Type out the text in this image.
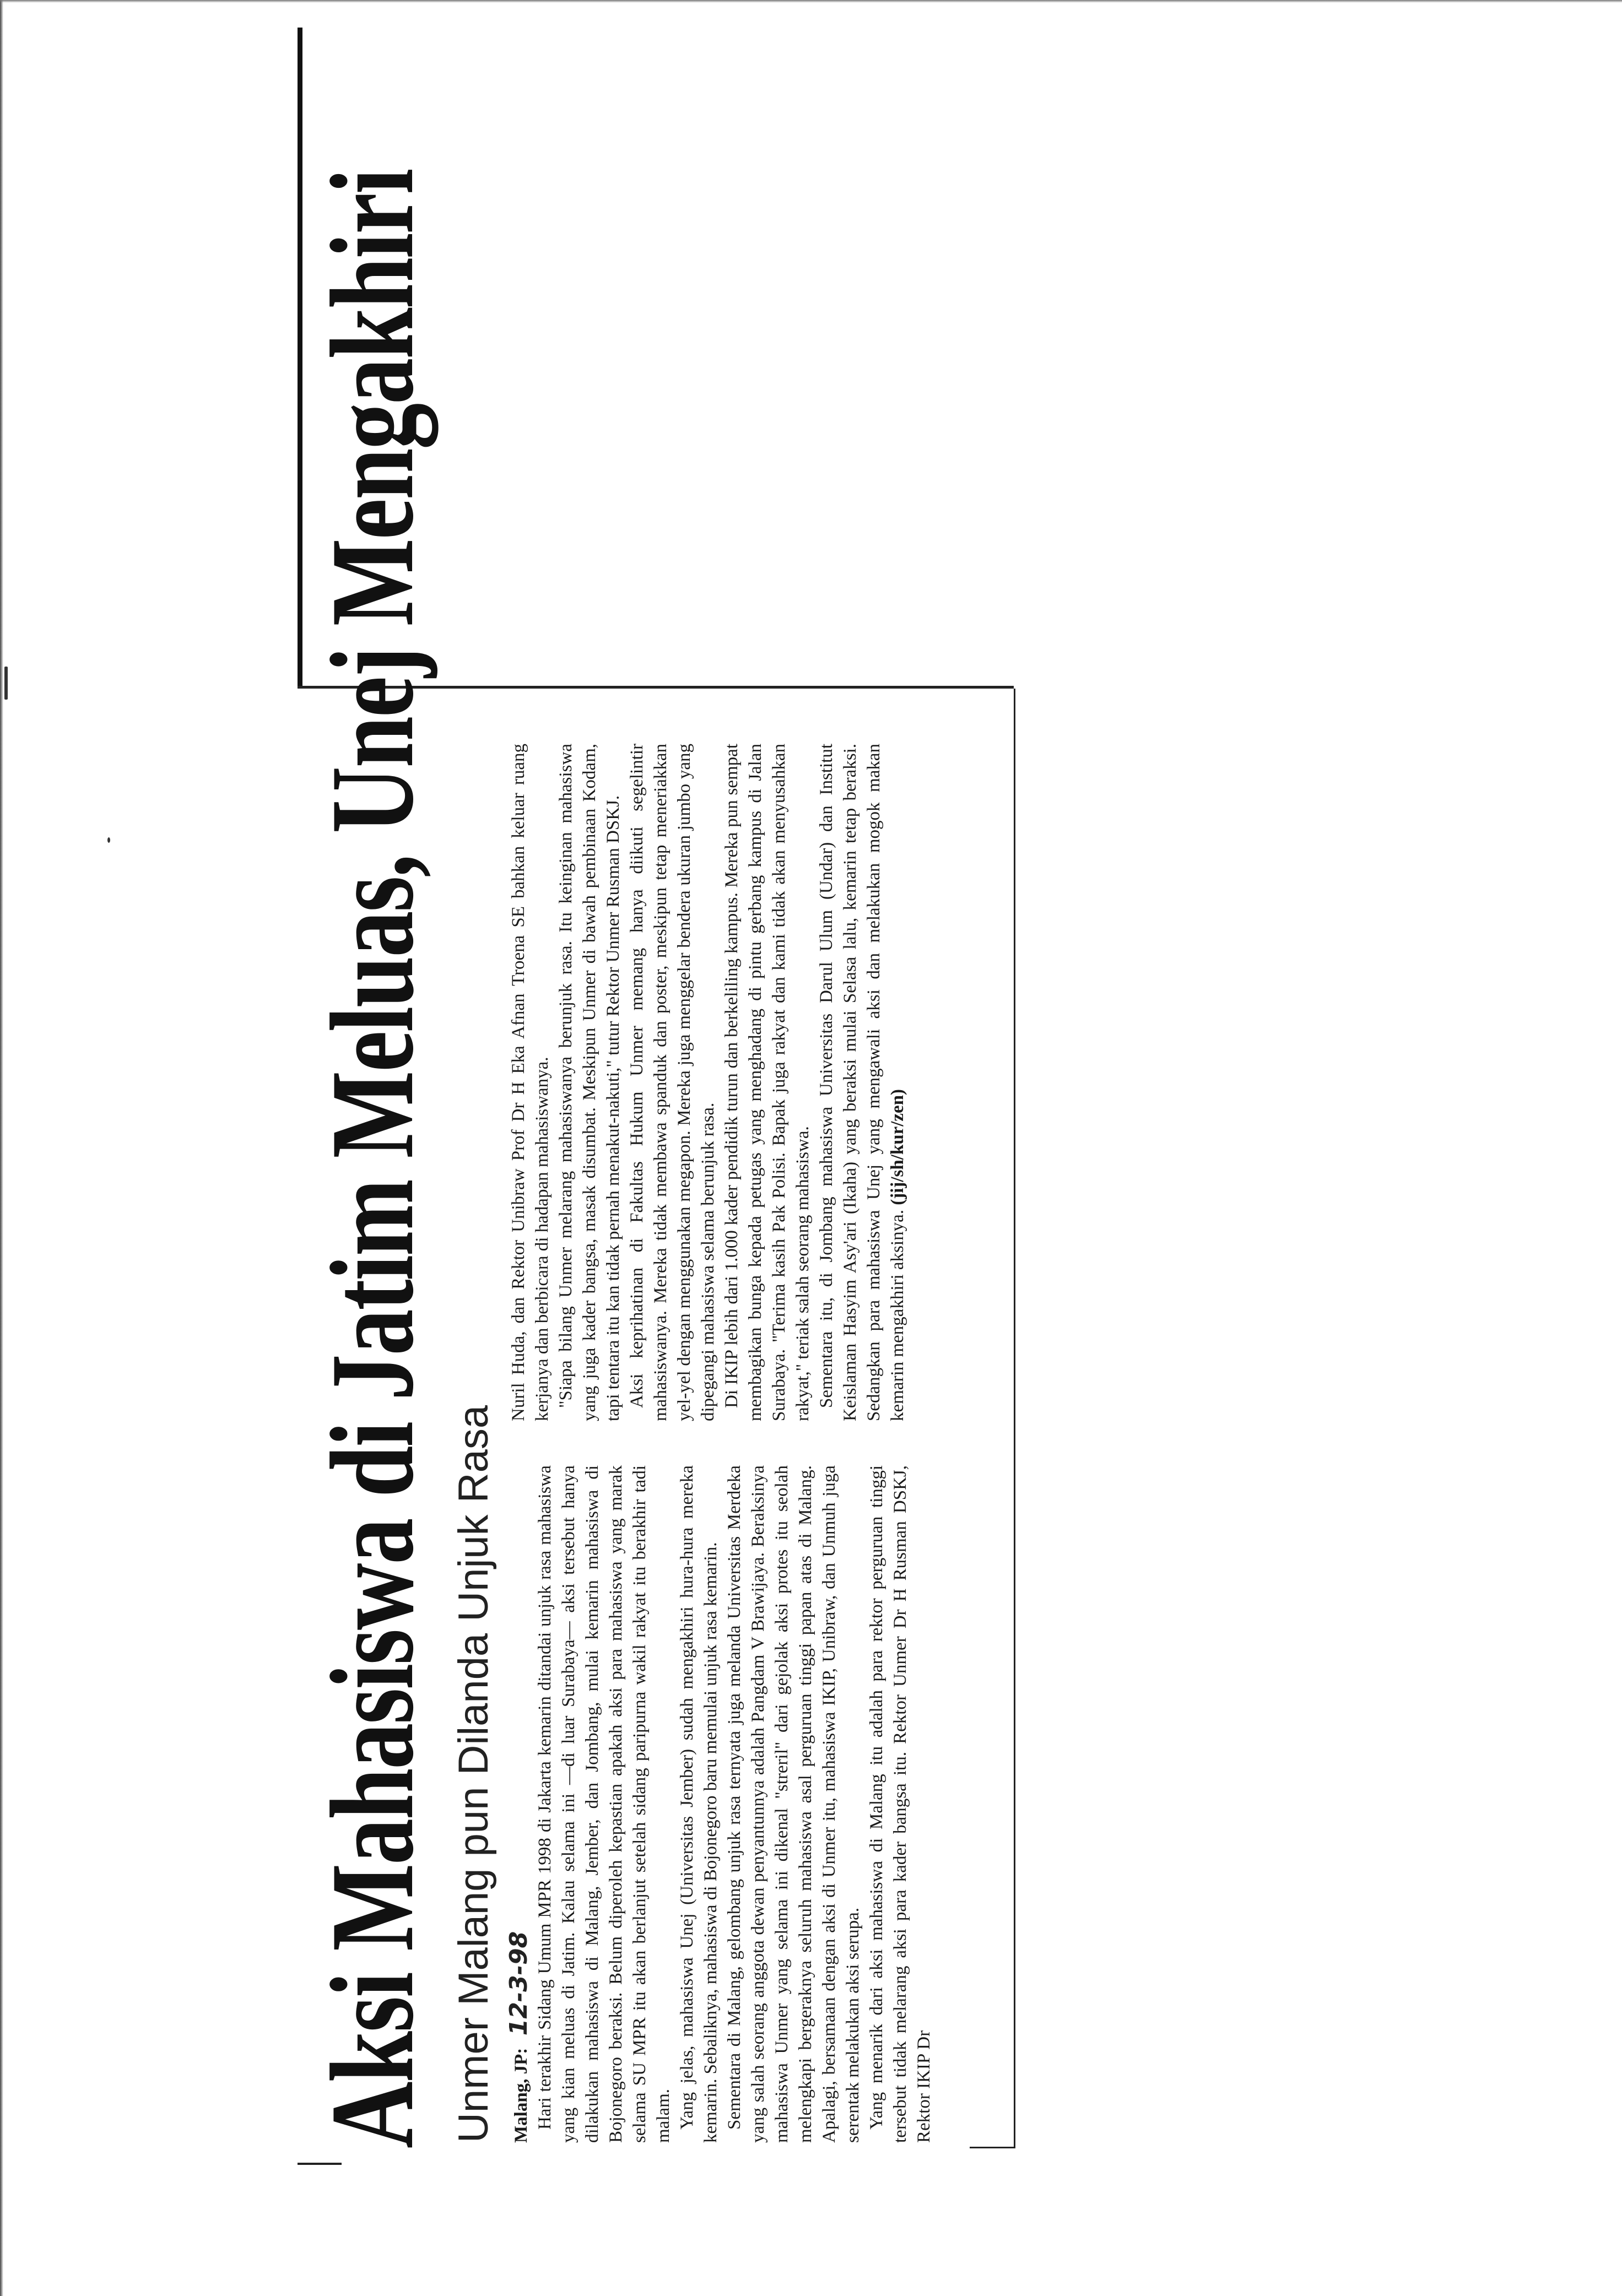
Aksi Mahasiswa di Jatim Meluas, Unej Mengakhiri Unmer Malang pun Dilanda Unjuk Rasa Malang, JP: 12-3-98 Hari terakhir Sidang Umum MPR 1998 di Jakarta kemarin ditandai unjuk rasa mahasiswa yang kian meluas di Jatim. Kalau selama ini —di luar Surabaya— aksi tersebut hanya dilakukan mahasiswa di Malang, Jember, dan Jombang, mulai kemarin mahasiswa di Bojonegoro beraksi. Belum diperoleh kepastian apakah aksi para mahasiswa yang marak selama SU MPR itu akan berlanjut setelah sidang paripurna wakil rakyat itu berakhir tadi malam. Yang jelas, mahasiswa Unej (Universitas Jember) sudah mengakhiri hura-hura mereka kemarin. Sebaliknya, mahasiswa di Bojonegoro baru memulai unjuk rasa kemarin. Sementara di Malang, gelombang unjuk rasa ternyata juga melanda Universitas Merdeka yang salah seorang anggota dewan penyantunnya adalah Pangdam V Brawijaya. Beraksinya mahasiswa Unmer yang selama ini dikenal "streril" dari gejolak aksi protes itu seolah melengkapi bergeraknya seluruh mahasiswa asal perguruan tinggi papan atas di Malang. Apalagi, bersamaan dengan aksi di Unmer itu, mahasiswa IKIP, Unibraw, dan Unmuh juga serentak melakukan aksi serupa. Yang menarik dari aksi mahasiswa di Malang itu adalah para rektor perguruan tinggi tersebut tidak melarang aksi para kader bangsa itu. Rektor Unmer Dr H Rusman DSKJ, Rektor IKIP Dr

Nuril Huda, dan Rektor Unibraw Prof Dr H Eka Afnan Troena SE bahkan keluar ruang kerjanya dan berbicara di hadapan mahasiswanya. "Siapa bilang Unmer melarang mahasiswanya berunjuk rasa. Itu keinginan mahasiswa yang juga kader bangsa, masak disumbat. Meskipun Unmer di bawah pembinaan Kodam, tapi tentara itu kan tidak pernah menakut-nakuti," tutur Rektor Unmer Rusman DSKJ. Aksi keprihatinan di Fakultas Hukum Unmer memang hanya diikuti segelintir mahasiswanya. Mereka tidak membawa spanduk dan poster, meskipun tetap meneriakkan yel-yel dengan menggunakan megapon. Mereka juga menggelar bendera ukuran jumbo yang dipegangi mahasiswa selama berunjuk rasa. Di IKIP lebih dari 1.000 kader pendidik turun dan berkeliling kampus. Mereka pun sempat membagikan bunga kepada petugas yang menghadang di pintu gerbang kampus di Jalan Surabaya. "Terima kasih Pak Polisi. Bapak juga rakyat dan kami tidak akan menyusahkan rakyat," teriak salah seorang mahasiswa. Sementara itu, di Jombang mahasiswa Universitas Darul Ulum (Undar) dan Institut Keislaman Hasyim Asy'ari (Ikaha) yang beraksi mulai Selasa lalu, kemarin tetap beraksi. Sedangkan para mahasiswa Unej yang mengawali aksi dan melakukan mogok makan kemarin mengakhiri aksinya. (jij/sh/kur/zen)
